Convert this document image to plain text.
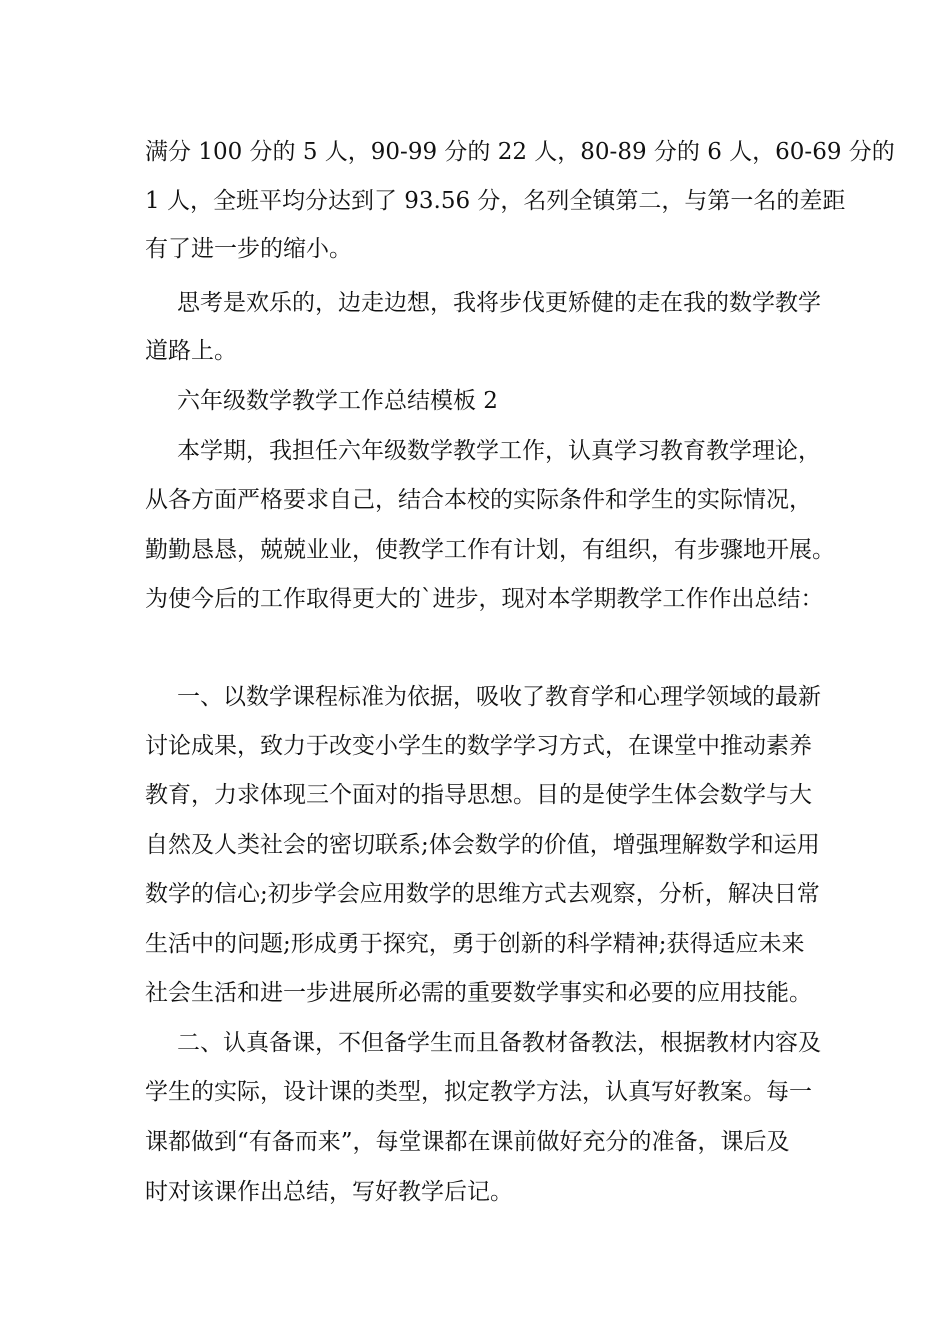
满分 100 分的 5 人，90-99 分的 22 人，80-89 分的 6 人，60-69 分的
1 人，全班平均分达到了 93.56 分，名列全镇第二，与第一名的差距
有了进一步的缩小。
思考是欢乐的，边走边想，我将步伐更矫健的走在我的数学教学
道路上。
六年级数学教学工作总结模板 2
本学期，我担任六年级数学教学工作，认真学习教育教学理论，
从各方面严格要求自己，结合本校的实际条件和学生的实际情况，
勤勤恳恳，兢兢业业，使教学工作有计划，有组织，有步骤地开展。
为使今后的工作取得更大的`进步，现对本学期教学工作作出总结：
一、以数学课程标准为依据，吸收了教育学和心理学领域的最新
讨论成果，致力于改变小学生的数学学习方式，在课堂中推动素养
教育，力求体现三个面对的指导思想。目的是使学生体会数学与大
自然及人类社会的密切联系;体会数学的价值，增强理解数学和运用
数学的信心;初步学会应用数学的思维方式去观察，分析，解决日常
生活中的问题;形成勇于探究，勇于创新的科学精神;获得适应未来
社会生活和进一步进展所必需的重要数学事实和必要的应用技能。
二、认真备课，不但备学生而且备教材备教法，根据教材内容及
学生的实际，设计课的类型，拟定教学方法，认真写好教案。每一
课都做到“有备而来”，每堂课都在课前做好充分的准备，课后及
时对该课作出总结，写好教学后记。
